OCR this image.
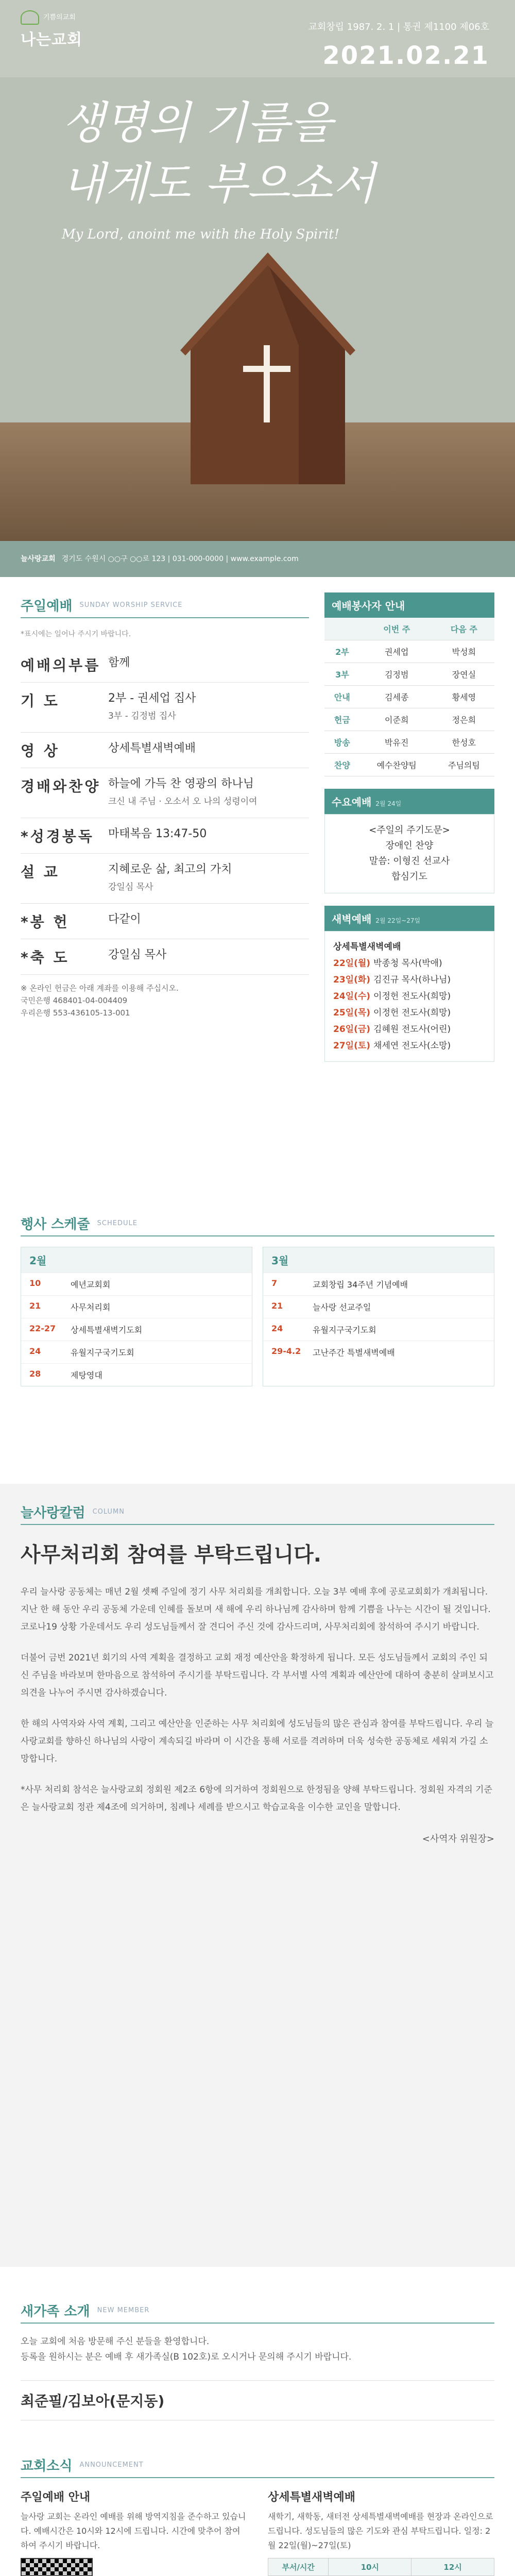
기쁨의교회
나는교회
교회창립 1987. 2. 1 | 통권 제1100 제06호
2021.02.21
생명의 기름을
내게도 부으소서
My Lord, anoint me with the Holy Spirit!
늘사랑교회 경기도 수원시 ○○구 ○○로 123 | 031-000-0000 | www.example.com
주일예배 SUNDAY WORSHIP SERVICE
*표시에는 일어나 주시기 바랍니다.
예배의부름 함께
기 도	2부 - 권세업 집사
3부 - 김정범 집사
영 상	상세특별새벽예배
경배와찬양 하늘에 가득 찬 영광의 하나님
크신 내 주님 · 오소서 오 나의 성령이여
*성경봉독	마태복음 13:47-50
설 교	지혜로운 삶, 최고의 가치
강일심 목사
*봉 헌	다같이
*축 도	강일심 목사
※ 온라인 헌금은 아래 계좌를 이용해 주십시오.
국민은행 468401-04-004409
우리은행 553-436105-13-001
예배봉사자 안내
	이번 주	다음 주
2부	권세업	박성희
3부	김정범	장연실
안내	김세종	황세영
헌금	이준희	정은희
방송	박유진	한성호
찬양	예수찬양팀	주님의팀
수요예배 2월 24일
<주일의 주기도문>
장애인 찬양
말씀: 이형진 선교사
합심기도
새벽예배 2월 22일~27일
상세특별새벽예배
22일(월) 박종청 목사(박애)
23일(화) 김진규 목사(하나님)
24일(수) 이정헌 전도사(희망)
25일(목) 이정헌 전도사(희망)
26일(금) 김혜원 전도사(어린)
27일(토) 채세연 전도사(소망)
행사 스케줄 SCHEDULE
2월
10	예년교회회
21	사무처리회
22-27	상세특별새벽기도회
24	유월지구국기도회
28	제탕영대
3월
7	교회창립 34주년 기념예배
21	늘사랑 선교주일
24	유월지구국기도회
29-4.2	고난주간 특별새벽예배
늘사랑칼럼 COLUMN
사무처리회 참여를 부탁드립니다.

우리 늘사랑 공동체는 매년 2월 셋째 주일에 정기 사무 처리회를 개최합니다. 오늘 3부 예배 후에 공로교회회가 개최됩니다. 지난 한 해 동안 우리 공동체 가운데 인혜를 돌보며 새 해에 우리 하나님께 감사하며 함께 기쁨을 나누는 시간이 될 것입니다. 코로나19 상황 가운데서도 우리 성도님들께서 잘 견디어 주신 것에 감사드리며, 사무처리회에 참석하여 주시기 바랍니다.

더불어 금번 2021년 회기의 사역 계획을 결정하고 교회 재정 예산안을 확정하게 됩니다. 모든 성도님들께서 교회의 주인 되신 주님을 바라보며 한마음으로 참석하여 주시기를 부탁드립니다. 각 부서별 사역 계획과 예산안에 대하여 충분히 살펴보시고 의견을 나누어 주시면 감사하겠습니다.

한 해의 사역자와 사역 계획, 그리고 예산안을 인준하는 사무 처리회에 성도님들의 많은 관심과 참여를 부탁드립니다. 우리 늘사랑교회를 향하신 하나님의 사랑이 계속되길 바라며 이 시간을 통해 서로를 격려하며 더욱 성숙한 공동체로 세워져 가길 소망합니다.

*사무 처리회 참석은 늘사랑교회 정회원 제2조 6항에 의거하여 정회원으로 한정됨을 양해 부탁드립니다. 정회원 자격의 기준은 늘사랑교회 정관 제4조에 의거하며, 침례나 세례를 받으시고 학습교육을 이수한 교인을 말합니다.

<사역자 위원장>
새가족 소개 NEW MEMBER
오늘 교회에 처음 방문해 주신 분들을 환영합니다.
등록을 원하시는 분은 예배 후 새가족실(B 102호)로 오시거나 문의해 주시기 바랍니다.
최준필/김보아(문지동)
교회소식 ANNOUNCEMENT
주일예배 안내

늘사랑 교회는 온라인 예배를 위해 방역지침을 준수하고 있습니다. 예배시간은 10시와 12시에 드립니다. 시간에 맞추어 참여하여 주시기 바랍니다.

상세특별새벽예배

새학기, 새학동, 새터전 상세특별새벽예배를 현장과 온라인으로 드립니다. 성도님들의 많은 기도와 관심 부탁드립니다. 일정: 2월 22일(월)~27일(토)

부서/시간	10시	12시
